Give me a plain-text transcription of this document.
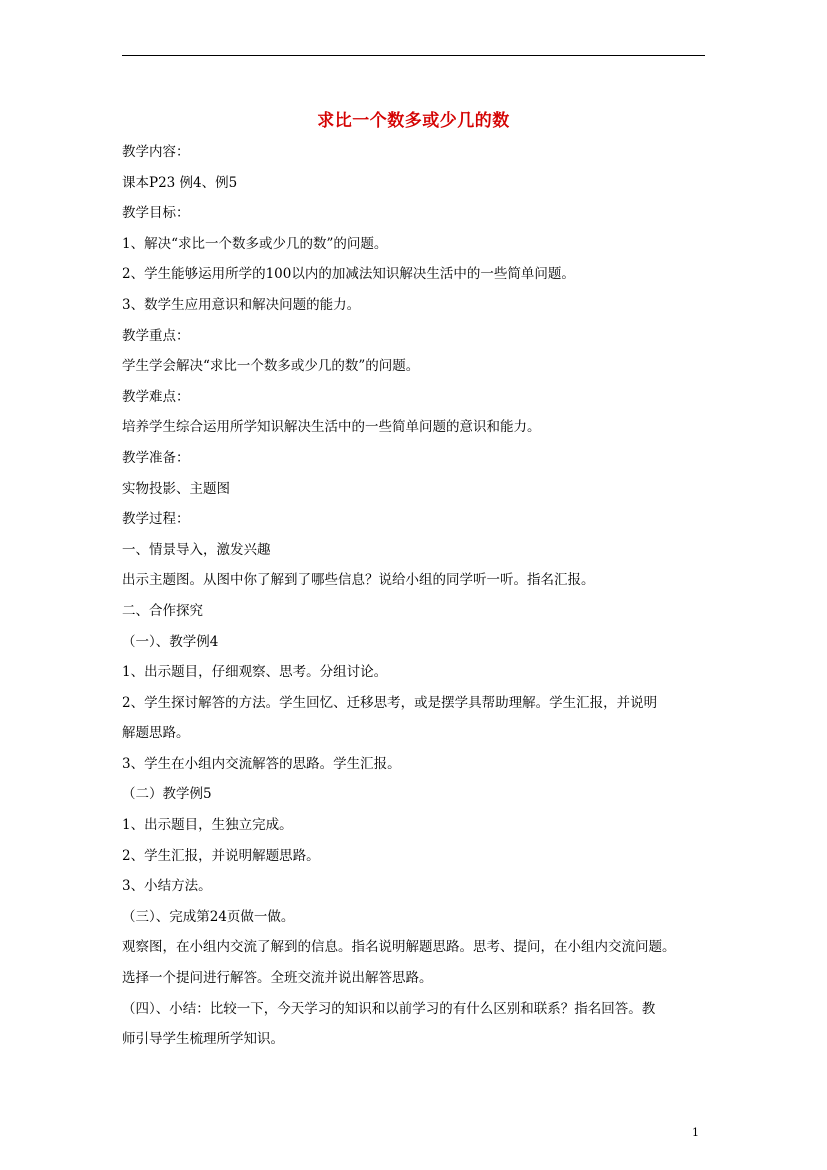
求比一个数多或少几的数

教学内容：

课本P23 例4、例5

教学目标：

1、解决“求比一个数多或少几的数”的问题。

2、学生能够运用所学的100以内的加减法知识解决生活中的一些简单问题。

3、数学生应用意识和解决问题的能力。

教学重点：

学生学会解决“求比一个数多或少几的数”的问题。

教学难点：

培养学生综合运用所学知识解决生活中的一些简单问题的意识和能力。

教学准备：

实物投影、主题图

教学过程：

一、情景导入，激发兴趣

出示主题图。从图中你了解到了哪些信息？说给小组的同学听一听。指名汇报。

二、合作探究

（一）、教学例4

1、出示题目，仔细观察、思考。分组讨论。

2、学生探讨解答的方法。学生回忆、迁移思考，或是摆学具帮助理解。学生汇报，并说明

解题思路。

3、学生在小组内交流解答的思路。学生汇报。

（二）教学例5

1、出示题目，生独立完成。

2、学生汇报，并说明解题思路。

3、小结方法。

（三）、完成第24页做一做。

观察图，在小组内交流了解到的信息。指名说明解题思路。思考、提问，在小组内交流问题。

选择一个提问进行解答。全班交流并说出解答思路。

（四）、小结：比较一下，今天学习的知识和以前学习的有什么区别和联系？指名回答。教

师引导学生梳理所学知识。

1
